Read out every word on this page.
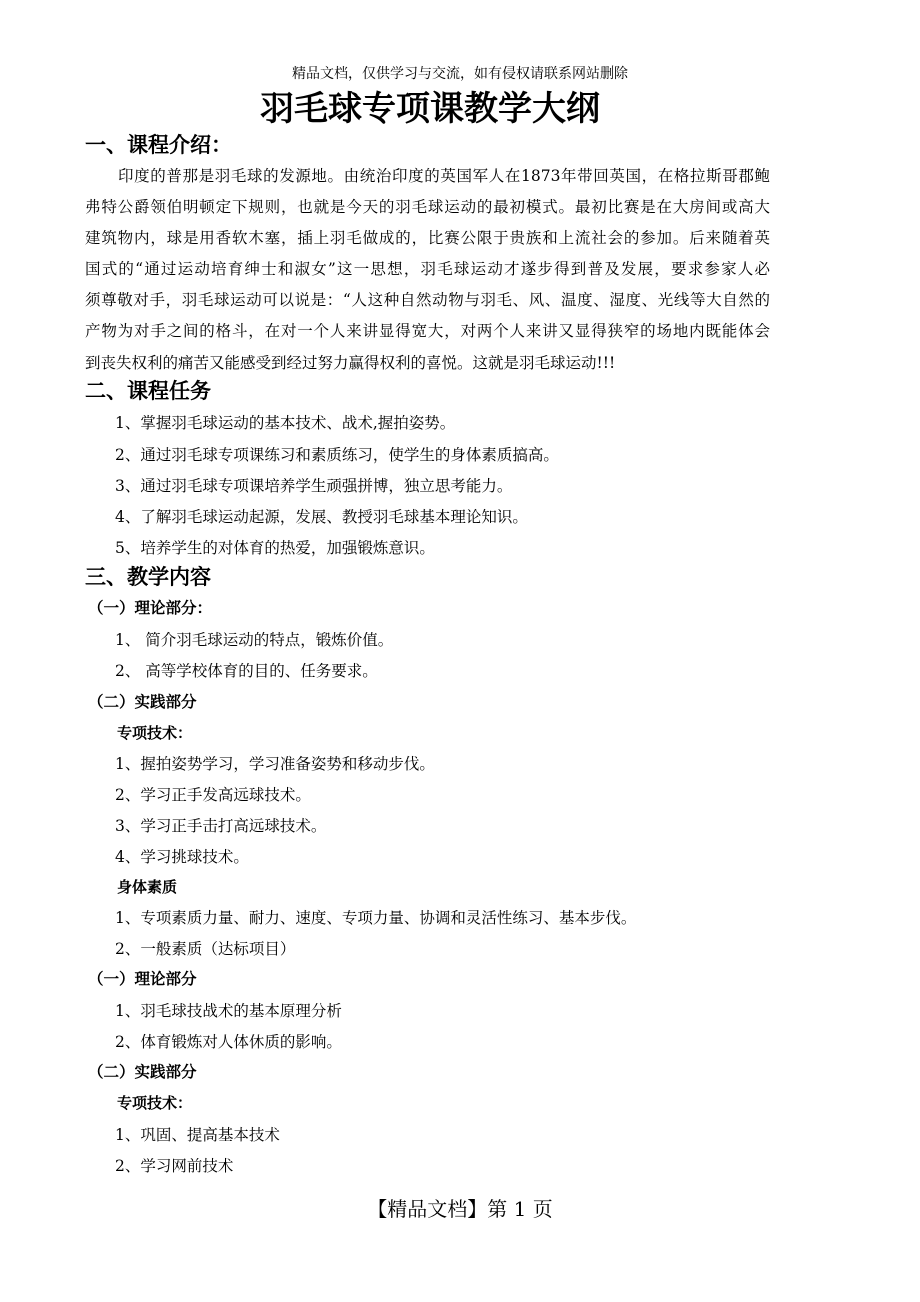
精品文档，仅供学习与交流，如有侵权请联系网站删除
羽毛球专项课教学大纲
一、课程介绍：
印度的普那是羽毛球的发源地。由统治印度的英国军人在1873年带回英国，在格拉斯哥郡鲍
弗特公爵领伯明顿定下规则，也就是今天的羽毛球运动的最初模式。最初比赛是在大房间或高大
建筑物内，球是用香软木塞，插上羽毛做成的，比赛公限于贵族和上流社会的参加。后来随着英
国式的“通过运动培育绅士和淑女”这一思想，羽毛球运动才遂步得到普及发展，要求参家人必
须尊敬对手，羽毛球运动可以说是：“人这种自然动物与羽毛、风、温度、湿度、光线等大自然的
产物为对手之间的格斗，在对一个人来讲显得宽大，对两个人来讲又显得狭窄的场地内既能体会
到丧失权利的痛苦又能感受到经过努力赢得权利的喜悦。这就是羽毛球运动!!!
二、课程任务
1、掌握羽毛球运动的基本技术、战术,握拍姿势。
2、通过羽毛球专项课练习和素质练习，使学生的身体素质搞高。
3、通过羽毛球专项课培养学生顽强拼博，独立思考能力。
4、了解羽毛球运动起源，发展、教授羽毛球基本理论知识。
5、培养学生的对体育的热爱，加强锻炼意识。
三、教学内容
（一）理论部分：
1、 简介羽毛球运动的特点，锻炼价值。
2、 高等学校体育的目的、任务要求。
（二）实践部分
专项技术：
1、握拍姿势学习，学习准备姿势和移动步伐。
2、学习正手发高远球技术。
3、学习正手击打高远球技术。
4、学习挑球技术。
身体素质
1、专项素质力量、耐力、速度、专项力量、协调和灵活性练习、基本步伐。
2、一般素质（达标项目）
（一）理论部分
1、羽毛球技战术的基本原理分析
2、体育锻炼对人体休质的影响。
（二）实践部分
专项技术：
1、巩固、提高基本技术
2、学习网前技术
【精品文档】第 1 页
